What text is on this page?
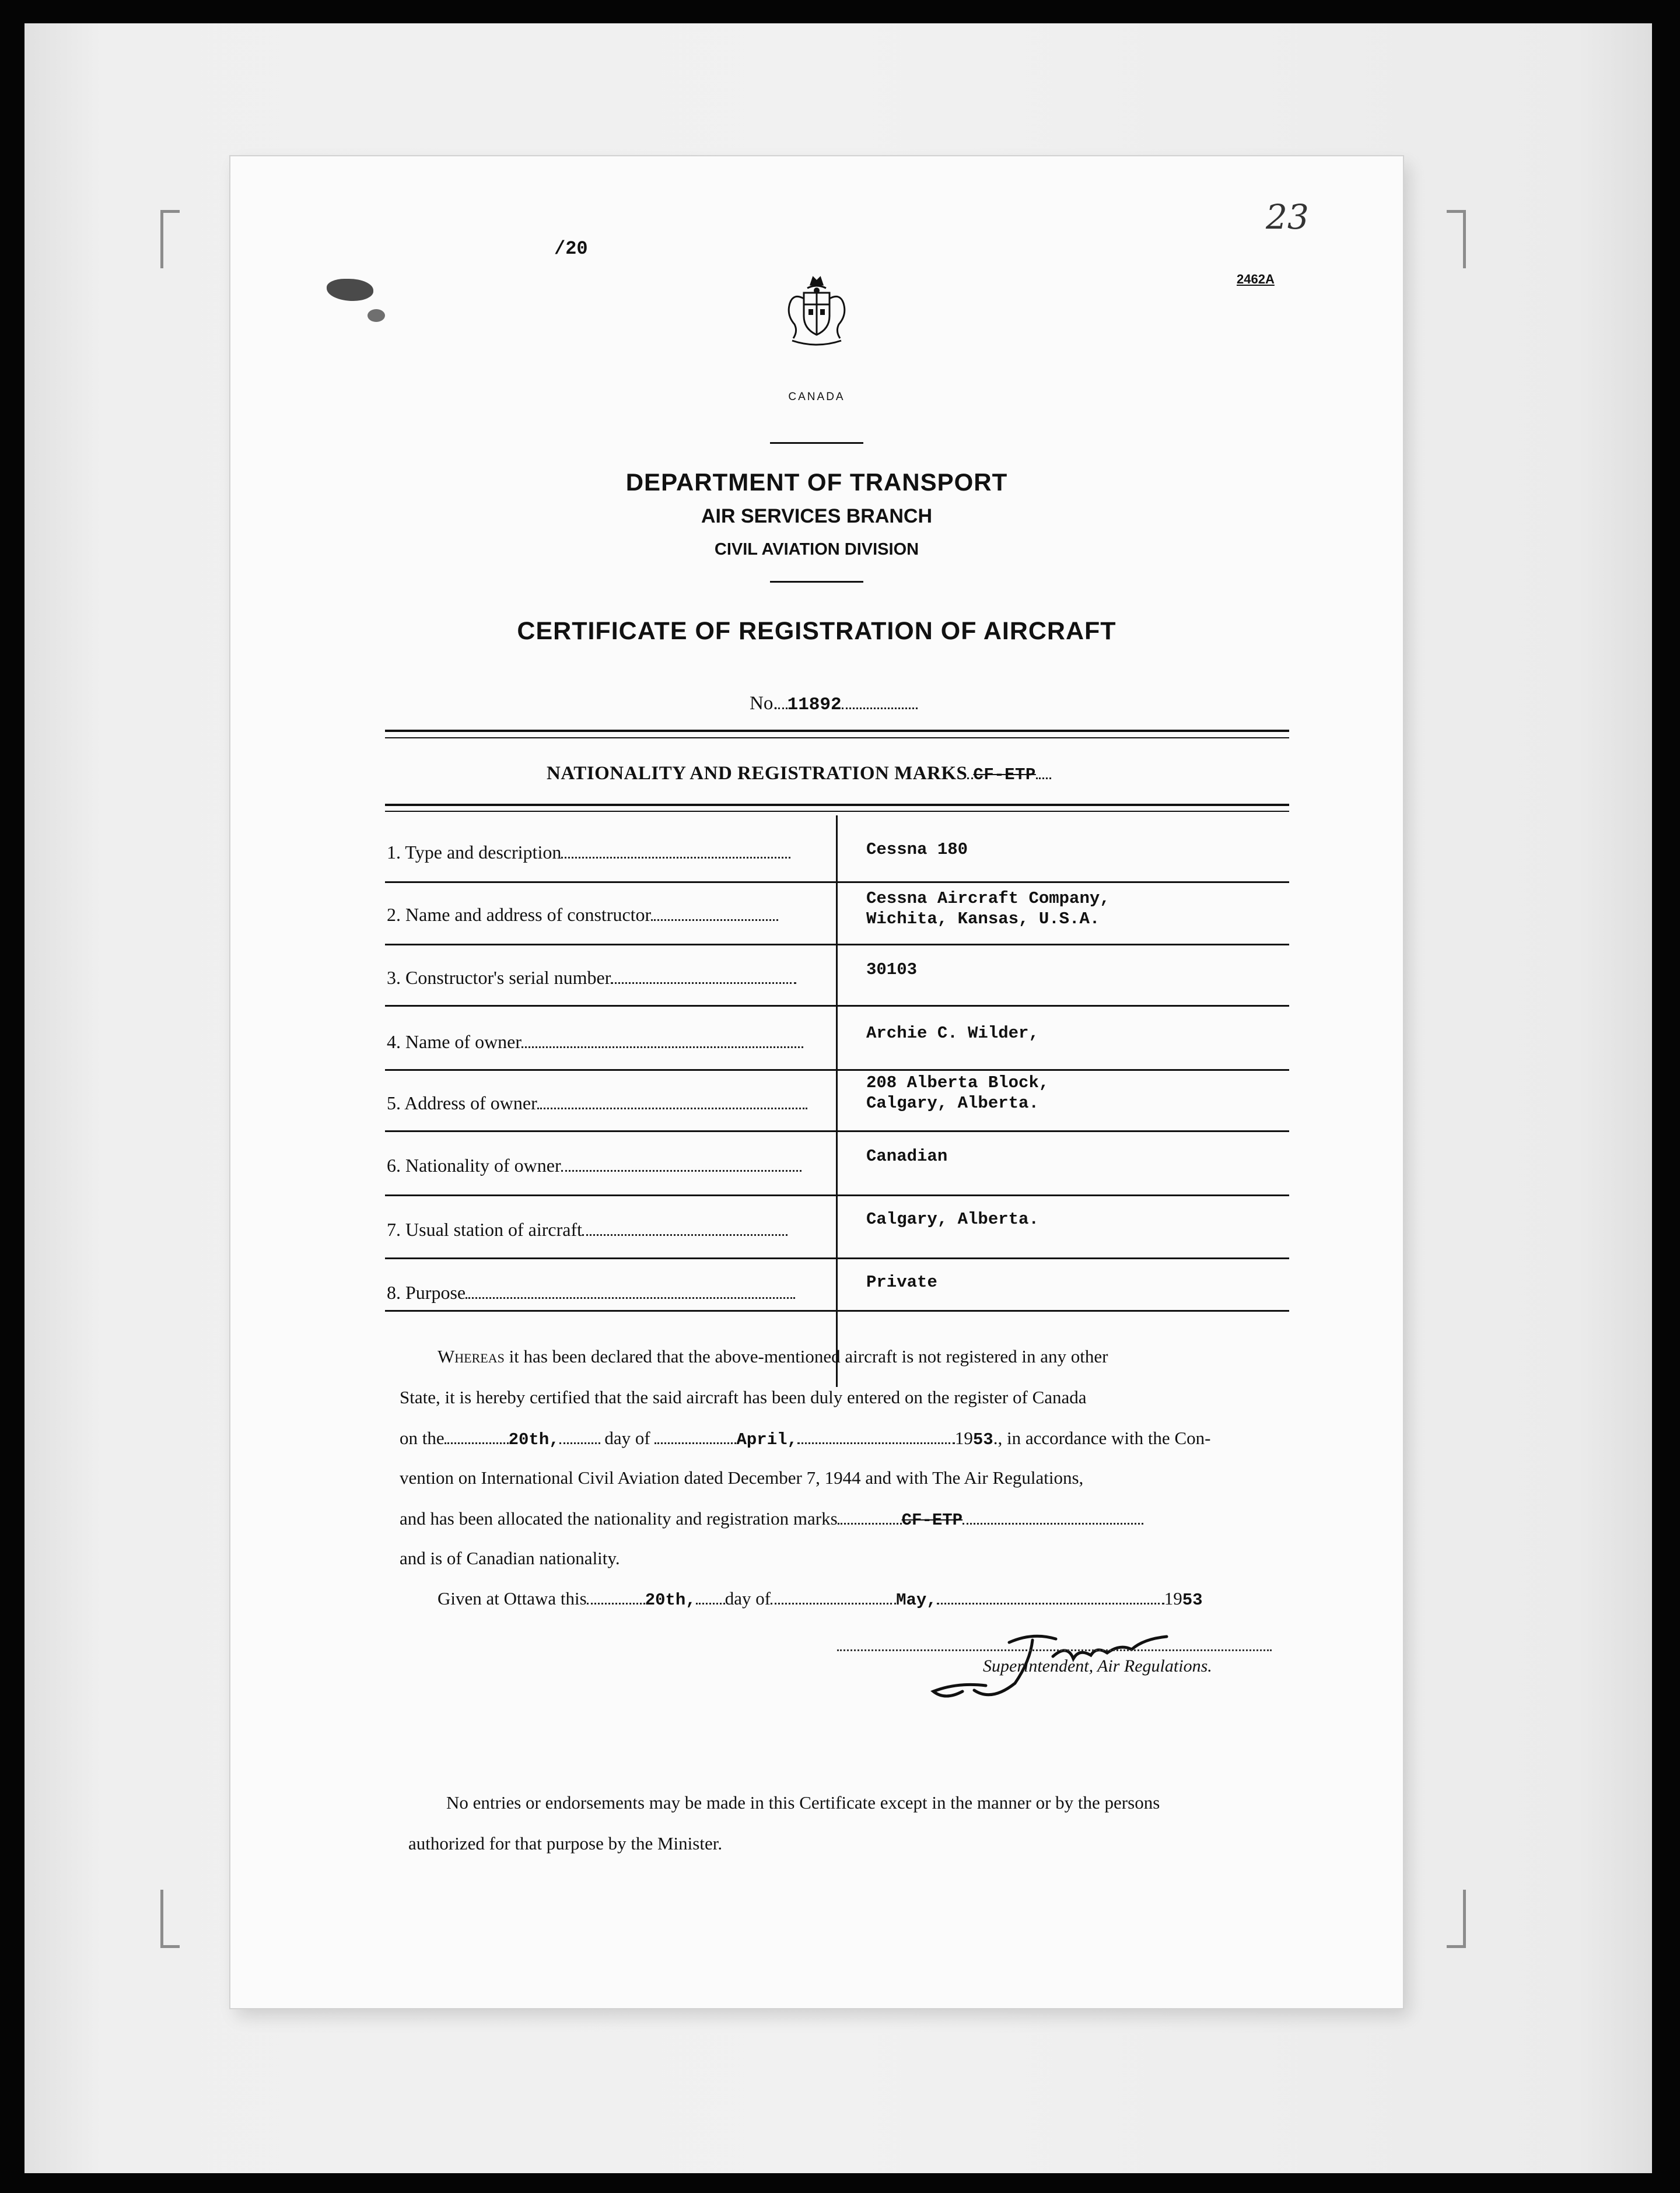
23
/20
2462A
CANADA
DEPARTMENT OF TRANSPORT
AIR SERVICES BRANCH
CIVIL AVIATION DIVISION
CERTIFICATE OF REGISTRATION OF AIRCRAFT
No. 11892
NATIONALITY AND REGISTRATION MARKS CF-ETP
1. Type and description	Cessna 180
2. Name and address of constructor
Cessna Aircraft Company,
Wichita, Kansas, U.S.A.
3. Constructor's serial number	30103
4. Name of owner	Archie C. Wilder,
5. Address of owner
208 Alberta Block,
Calgary, Alberta.
6. Nationality of owner	Canadian
7. Usual station of aircraft	Calgary, Alberta.
8. Purpose	Private
Whereas it has been declared that the above-mentioned aircraft is not registered in any other
State, it is hereby certified that the said aircraft has been duly entered on the register of Canada
on the	20th,	day of	April,	1953., in accordance with the Con-
vention on International Civil Aviation dated December 7, 1944 and with The Air Regulations,
and has been allocated the nationality and registration marks	CF-ETP
and is of Canadian nationality.
Given at Ottawa this	20th, day of	May,	1953
Superintendent, Air Regulations.
No entries or endorsements may be made in this Certificate except in the manner or by the persons
authorized for that purpose by the Minister.
